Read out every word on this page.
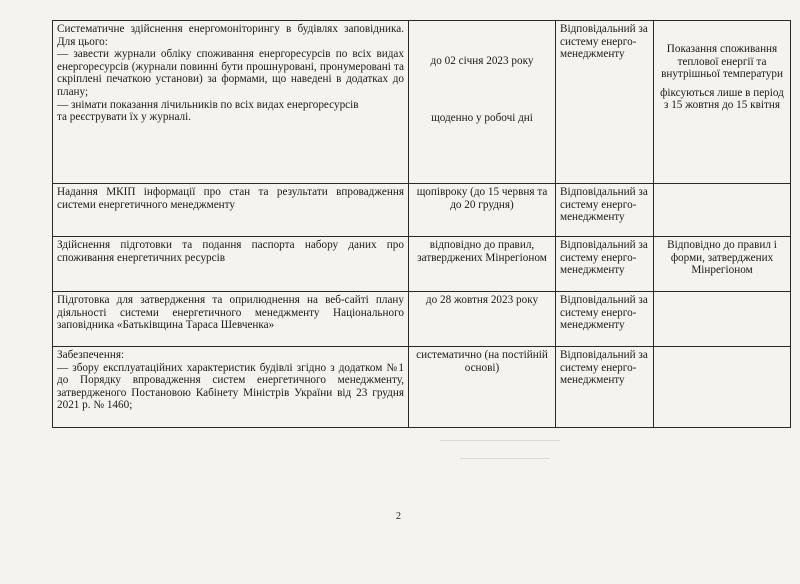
Систематичне здійснення енергомоніторингу в будівлях заповідника. Для цього:
— завести журнали обліку споживання енергоресурсів по всіх видах енергоресурсів (журнали повинні бути прошнуровані, пронумеровані та скріплені печаткою установи) за формами, що наведені в додатках до плану;
— знімати показання лічильників по всіх видах енергоресурсів
та реєструвати їх у журналі.	до 02 січня 2023 року
щоденно у робочі дні	Відповідальний за систему енерго-менеджменту	Показання споживання теплової енергії та внутрішньої температури
фіксуються лише в період з 15 жовтня до 15 квітня

Надання МКІП інформації про стан та результати впровадження системи енергетичного менеджменту	щопівроку (до 15 червня та до 20 грудня)	Відповідальний за систему енерго-менеджменту	
Здійснення підготовки та подання паспорта набору даних про споживання енергетичних ресурсів	відповідно до правил, затверджених Мінрегіоном	Відповідальний за систему енерго-менеджменту	Відповідно до правил і форми, затверджених Мінрегіоном
Підготовка для затвердження та оприлюднення на веб-сайті плану діяльності системи енергетичного менеджменту Національного заповідника «Батьківщина Тараса Шевченка»	до 28 жовтня 2023 року	Відповідальний за систему енерго-менеджменту	

Забезпечення:
— збору експлуатаційних характеристик будівлі згідно з додатком №1 до Порядку впровадження систем енергетичного менеджменту, затвердженого Постановою Кабінету Міністрів України від 23 грудня 2021 р. № 1460;	систематично (на постійній основі)	Відповідальний за систему енерго-менеджменту	
2
